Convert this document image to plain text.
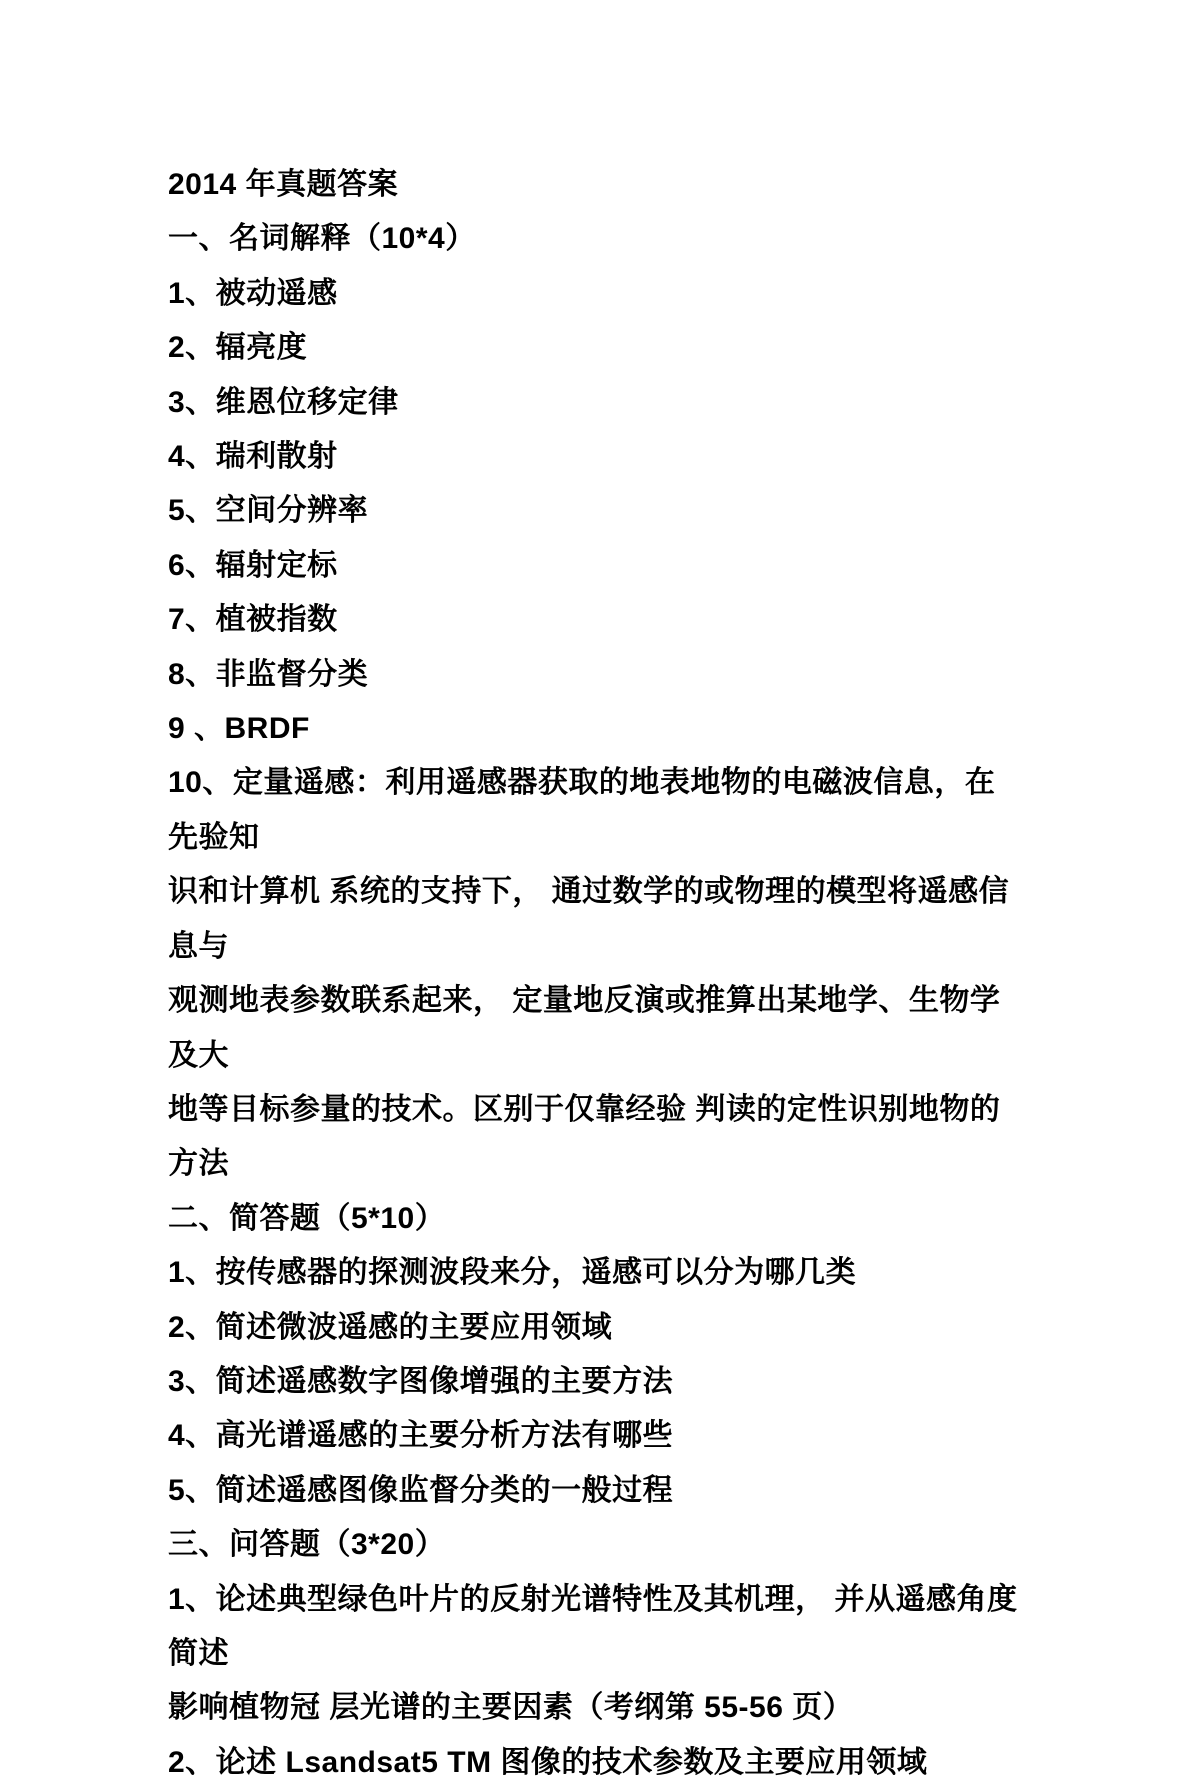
2014 年真题答案
一、名词解释（10*4）
1、被动遥感
2、辐亮度
3、维恩位移定律
4、瑞利散射
5、空间分辨率
6、辐射定标
7、植被指数
8、非监督分类
9 、BRDF
10、定量遥感：利用遥感器获取的地表地物的电磁波信息，在先验知
识和计算机 系统的支持下， 通过数学的或物理的模型将遥感信息与
观测地表参数联系起来， 定量地反演或推算出某地学、生物学及大
地等目标参量的技术。区别于仅靠经验 判读的定性识别地物的方法
二、简答题（5*10）
1、按传感器的探测波段来分，遥感可以分为哪几类
2、简述微波遥感的主要应用领域
3、简述遥感数字图像增强的主要方法
4、高光谱遥感的主要分析方法有哪些
5、简述遥感图像监督分类的一般过程
三、问答题（3*20）
1、论述典型绿色叶片的反射光谱特性及其机理， 并从遥感角度简述
影响植物冠 层光谱的主要因素（考纲第 55-56 页）
2、论述 Lsandsat5 TM 图像的技术参数及主要应用领域
